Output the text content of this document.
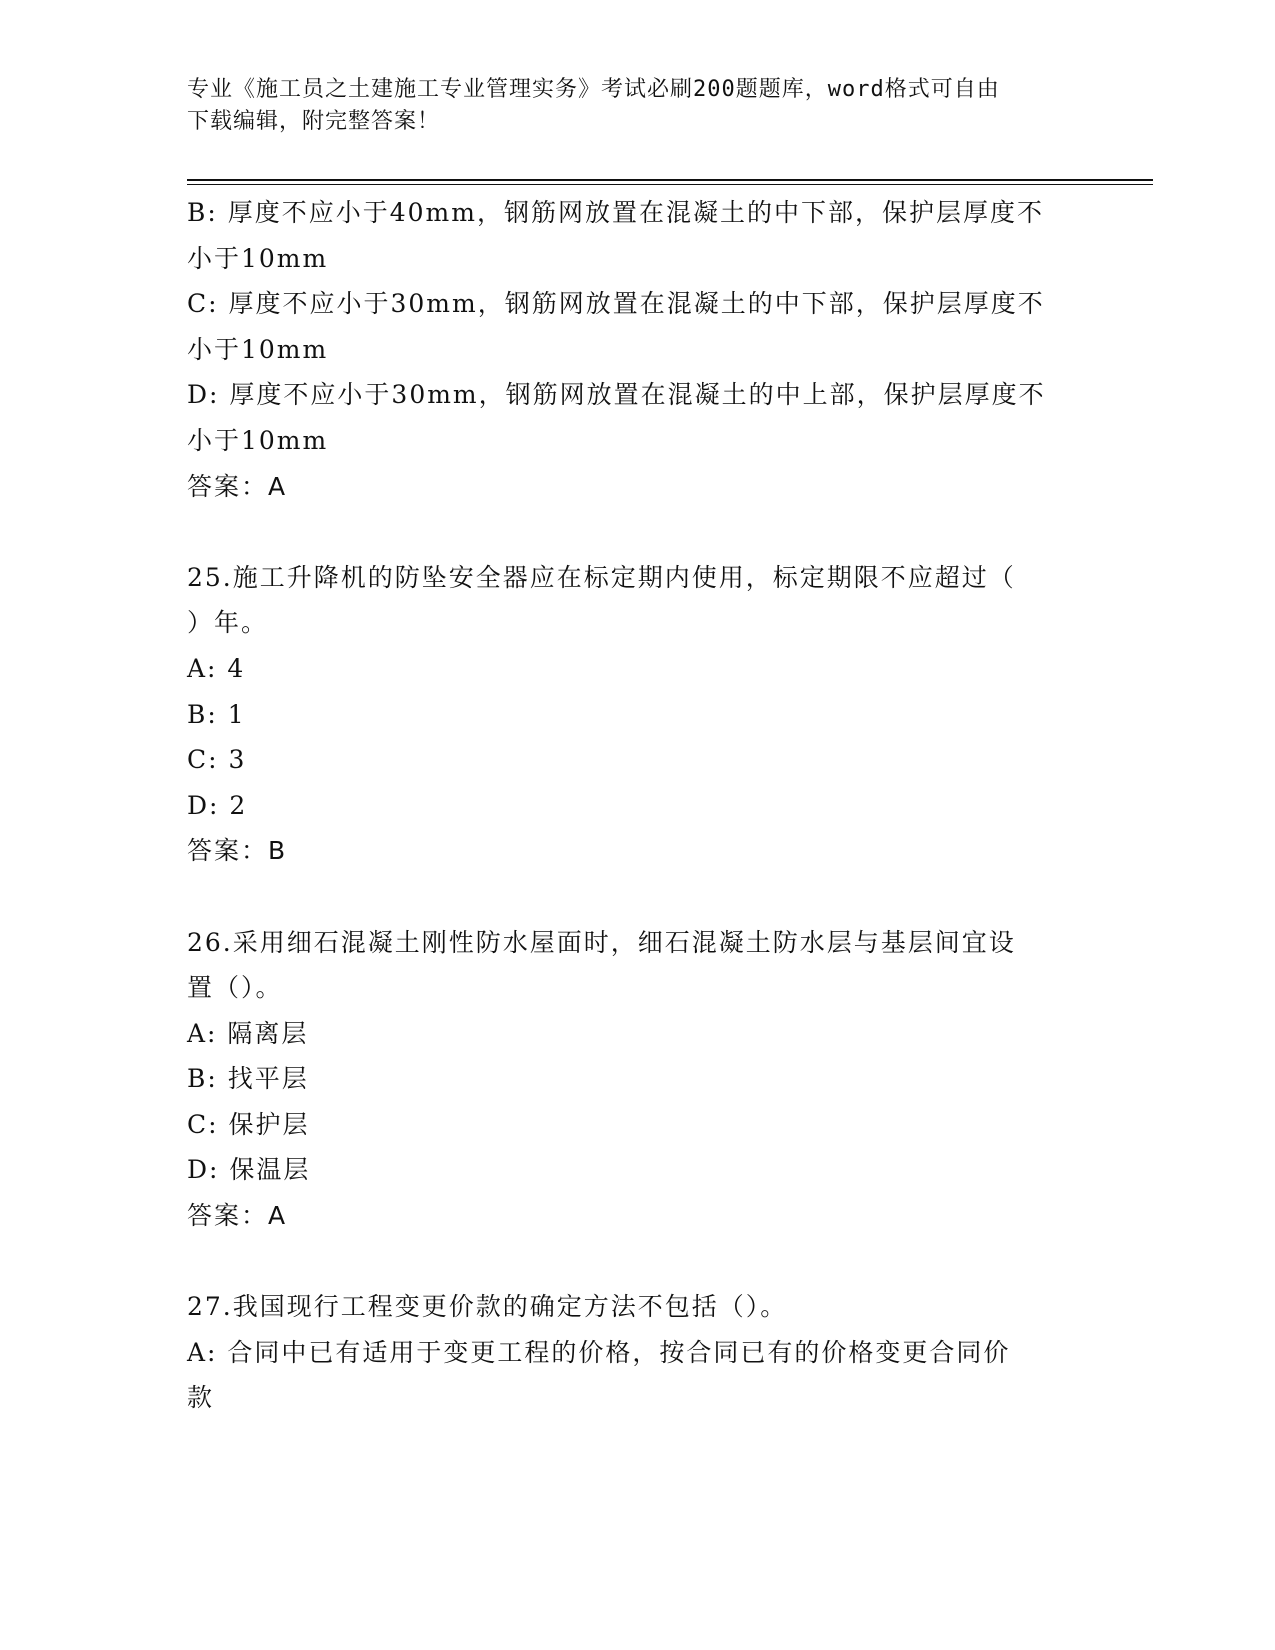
专业《施工员之土建施工专业管理实务》考试必刷200题题库，word格式可自由
下载编辑，附完整答案！
B: 厚度不应小于40mm，钢筋网放置在混凝土的中下部，保护层厚度不
小于10mm
C: 厚度不应小于30mm，钢筋网放置在混凝土的中下部，保护层厚度不
小于10mm
D: 厚度不应小于30mm，钢筋网放置在混凝土的中上部，保护层厚度不
小于10mm
答案：A
25.施工升降机的防坠安全器应在标定期内使用，标定期限不应超过（
）年。
A: 4
B: 1
C: 3
D: 2
答案：B
26.采用细石混凝土刚性防水屋面时，细石混凝土防水层与基层间宜设
置（）。
A: 隔离层
B: 找平层
C: 保护层
D: 保温层
答案：A
27.我国现行工程变更价款的确定方法不包括（）。
A: 合同中已有适用于变更工程的价格，按合同已有的价格变更合同价
款
